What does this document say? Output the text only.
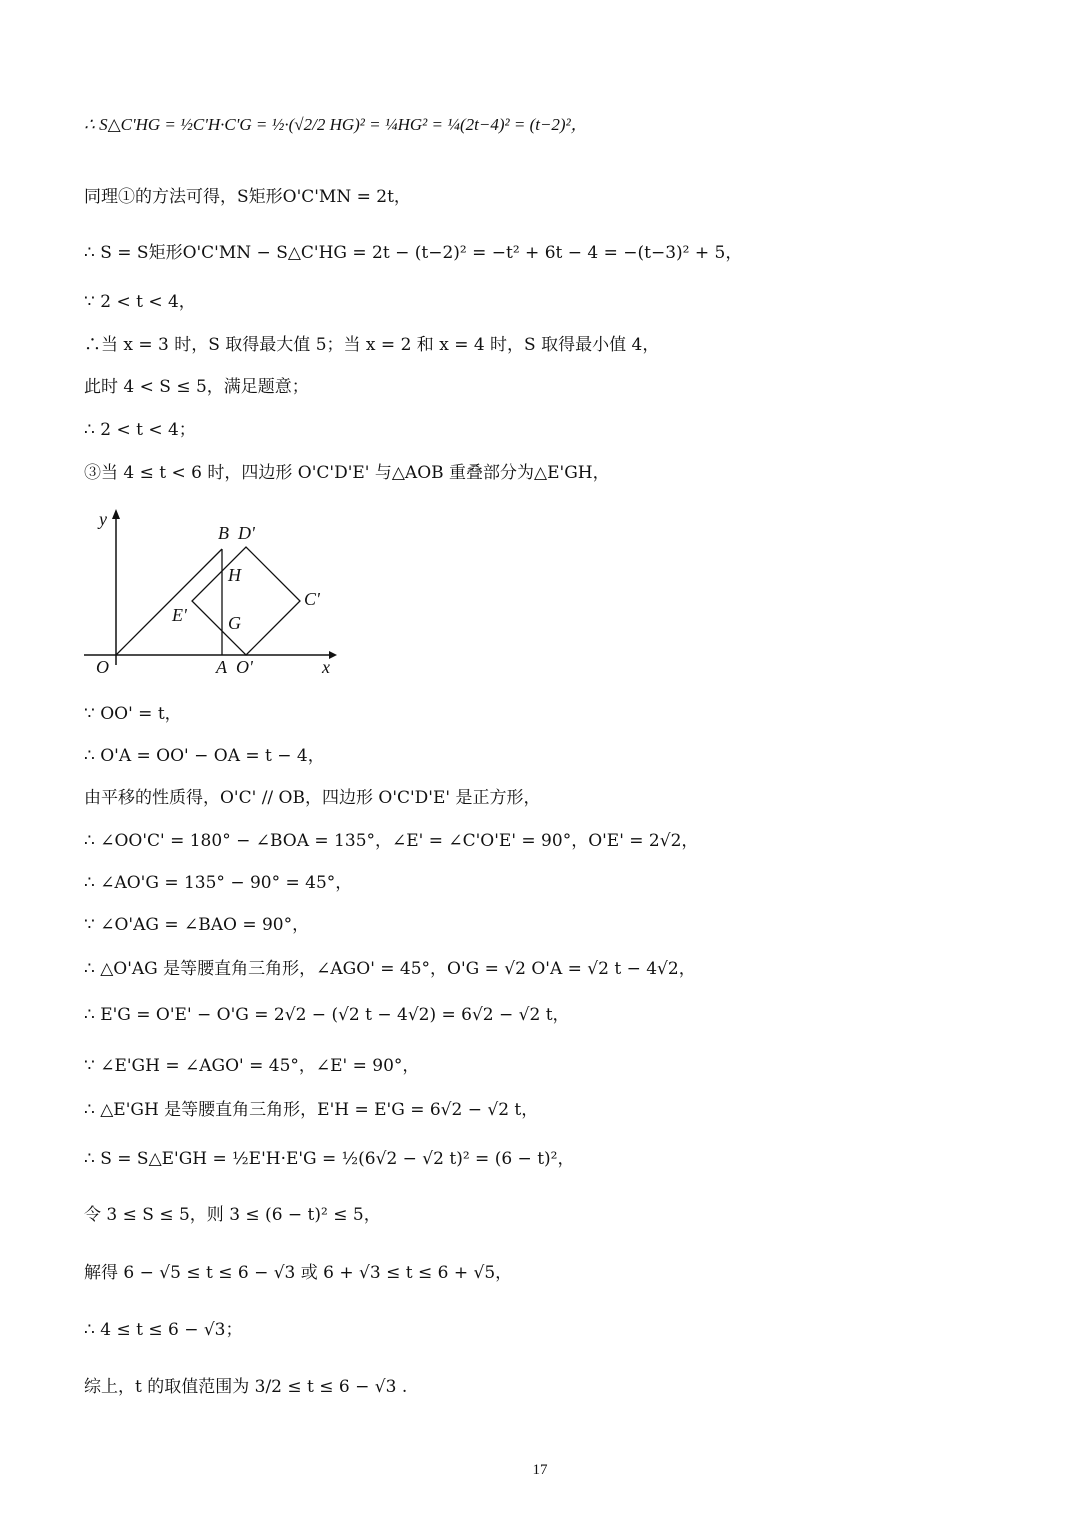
∴ S△C'HG = ½C'H·C'G = ½·(√2/2 HG)² = ¼HG² = ¼(2t−4)² = (t−2)²，
同理①的方法可得，S矩形O'C'MN = 2t，
∴ S = S矩形O'C'MN − S△C'HG = 2t − (t−2)² = −t² + 6t − 4 = −(t−3)² + 5，
∵ 2 < t < 4，
∴当 x = 3 时，S 取得最大值 5；当 x = 2 和 x = 4 时，S 取得最小值 4，
此时 4 < S ≤ 5，满足题意；
∴ 2 < t < 4；
③当 4 ≤ t < 6 时，四边形 O'C'D'E' 与△AOB 重叠部分为△E'GH，
y
x
O	A O'
B D'
H
C'
E' G
∵ OO' = t，
∴ O'A = OO' − OA = t − 4，
由平移的性质得，O'C' // OB，四边形 O'C'D'E' 是正方形，
∴ ∠OO'C' = 180° − ∠BOA = 135°，∠E' = ∠C'O'E' = 90°，O'E' = 2√2，
∴ ∠AO'G = 135° − 90° = 45°，
∵ ∠O'AG = ∠BAO = 90°，
∴ △O'AG 是等腰直角三角形，∠AGO' = 45°，O'G = √2 O'A = √2 t − 4√2，
∴ E'G = O'E' − O'G = 2√2 − (√2 t − 4√2) = 6√2 − √2 t，
∵ ∠E'GH = ∠AGO' = 45°，∠E' = 90°，
∴ △E'GH 是等腰直角三角形，E'H = E'G = 6√2 − √2 t，
∴ S = S△E'GH = ½E'H·E'G = ½(6√2 − √2 t)² = (6 − t)²，
令 3 ≤ S ≤ 5，则 3 ≤ (6 − t)² ≤ 5，
解得 6 − √5 ≤ t ≤ 6 − √3 或 6 + √3 ≤ t ≤ 6 + √5，
∴ 4 ≤ t ≤ 6 − √3；
综上，t 的取值范围为 3/2 ≤ t ≤ 6 − √3 .
17
